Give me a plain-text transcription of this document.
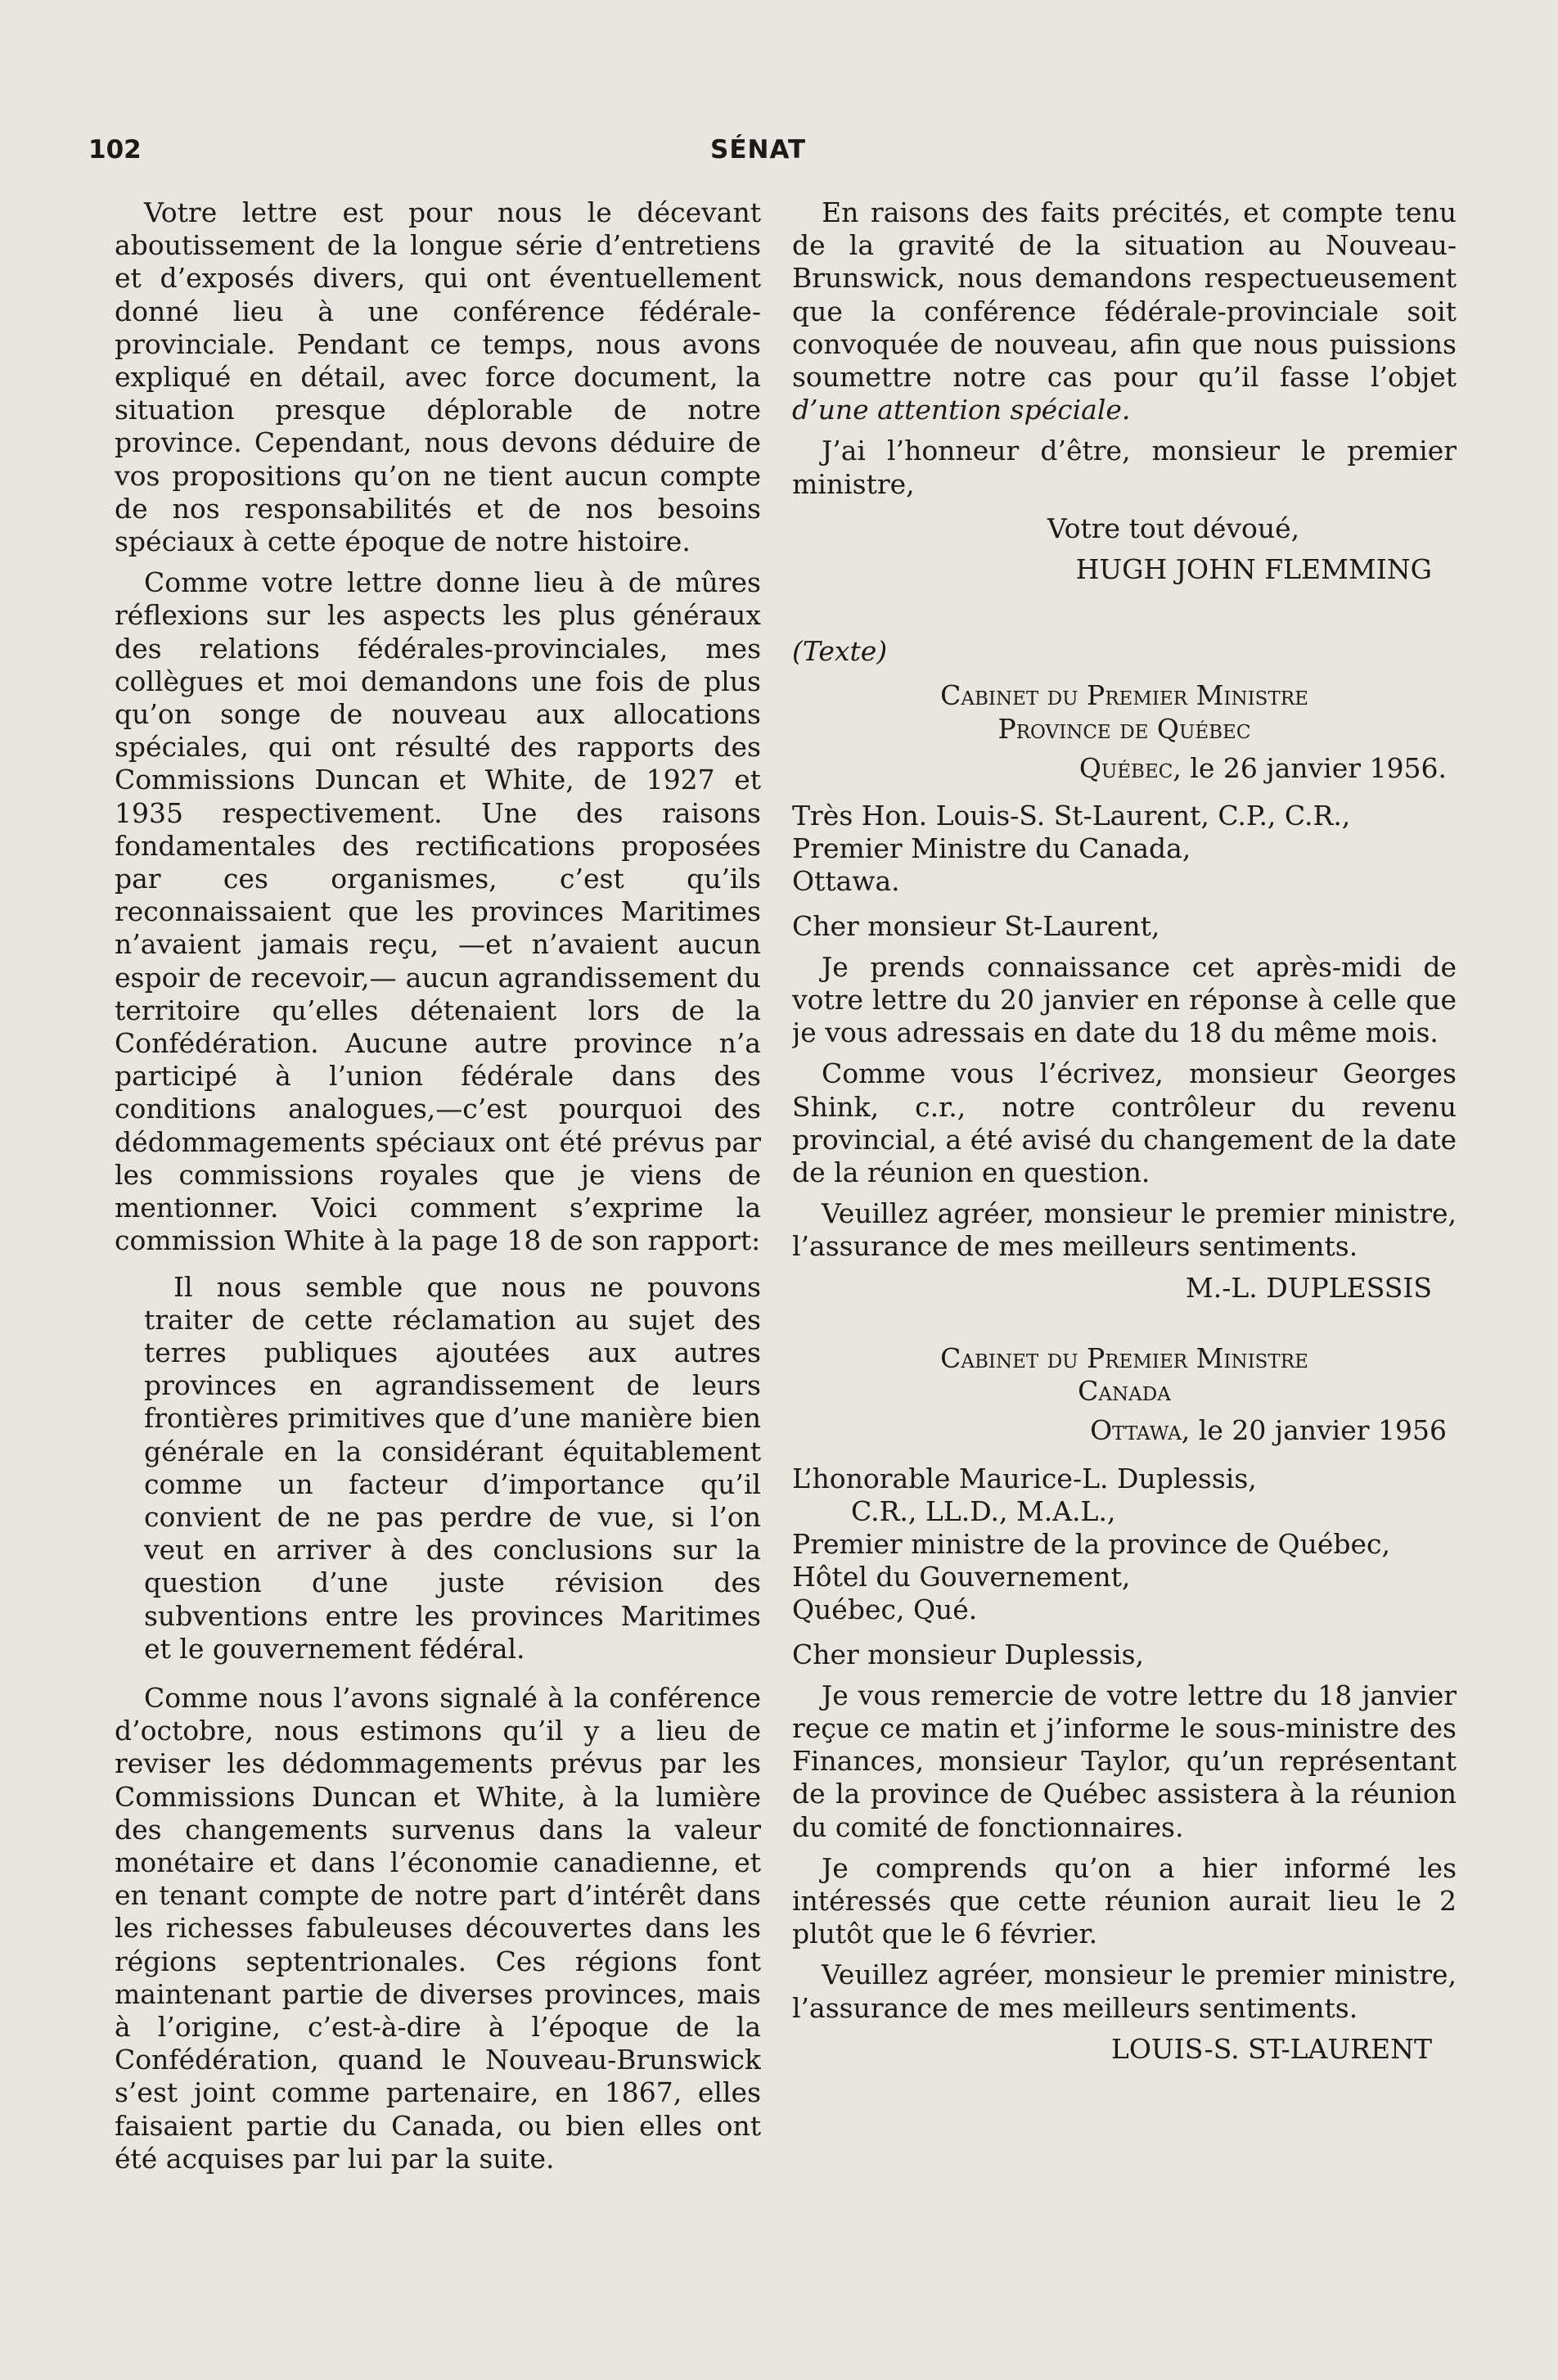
102	SÉNAT

Votre lettre est pour nous le décevant aboutissement de la longue série d’entretiens et d’exposés divers, qui ont éventuellement donné lieu à une conférence fédérale-provinciale. Pendant ce temps, nous avons expliqué en détail, avec force document, la situation presque déplorable de notre province. Cependant, nous devons déduire de vos propositions qu’on ne tient aucun compte de nos responsabilités et de nos besoins spéciaux à cette époque de notre histoire.

Comme votre lettre donne lieu à de mûres réflexions sur les aspects les plus généraux des relations fédérales-provinciales, mes collègues et moi demandons une fois de plus qu’on songe de nouveau aux allocations spéciales, qui ont résulté des rapports des Commissions Duncan et White, de 1927 et 1935 respectivement. Une des raisons fondamentales des rectifications proposées par ces organismes, c’est qu’ils reconnaissaient que les provinces Maritimes n’avaient jamais reçu, —et n’avaient aucun espoir de recevoir,— aucun agrandissement du territoire qu’elles détenaient lors de la Confédération. Aucune autre province n’a participé à l’union fédérale dans des conditions analogues,—c’est pourquoi des dédommagements spéciaux ont été prévus par les commissions royales que je viens de mentionner. Voici comment s’exprime la commission White à la page 18 de son rapport:

Il nous semble que nous ne pouvons traiter de cette réclamation au sujet des terres publiques ajoutées aux autres provinces en agrandissement de leurs frontières primitives que d’une manière bien générale en la considérant équitablement comme un facteur d’importance qu’il convient de ne pas perdre de vue, si l’on veut en arriver à des conclusions sur la question d’une juste révision des subventions entre les provinces Maritimes et le gouvernement fédéral.

Comme nous l’avons signalé à la conférence d’octobre, nous estimons qu’il y a lieu de reviser les dédommagements prévus par les Commissions Duncan et White, à la lumière des changements survenus dans la valeur monétaire et dans l’économie canadienne, et en tenant compte de notre part d’intérêt dans les richesses fabuleuses découvertes dans les régions septentrionales. Ces régions font maintenant partie de diverses provinces, mais à l’origine, c’est-à-dire à l’époque de la Confédération, quand le Nouveau-Brunswick s’est joint comme partenaire, en 1867, elles faisaient partie du Canada, ou bien elles ont été acquises par lui par la suite.

En raisons des faits précités, et compte tenu de la gravité de la situation au Nouveau-Brunswick, nous demandons respectueusement que la conférence fédérale-provinciale soit convoquée de nouveau, afin que nous puissions soumettre notre cas pour qu’il fasse l’objet d’une attention spéciale.

J’ai l’honneur d’être, monsieur le premier ministre,

Votre tout dévoué,

HUGH JOHN FLEMMING

(Texte)

Cabinet du Premier Ministre

Province de Québec

Québec, le 26 janvier 1956.

Très Hon. Louis-S. St-Laurent, C.P., C.R.,

Premier Ministre du Canada,

Ottawa.

Cher monsieur St-Laurent,

Je prends connaissance cet après-midi de votre lettre du 20 janvier en réponse à celle que je vous adressais en date du 18 du même mois.

Comme vous l’écrivez, monsieur Georges Shink, c.r., notre contrôleur du revenu provincial, a été avisé du changement de la date de la réunion en question.

Veuillez agréer, monsieur le premier ministre, l’assurance de mes meilleurs sentiments.

M.-L. DUPLESSIS

Cabinet du Premier Ministre

Canada

Ottawa, le 20 janvier 1956

L’honorable Maurice-L. Duplessis,

C.R., LL.D., M.A.L.,

Premier ministre de la province de Québec,

Hôtel du Gouvernement,

Québec, Qué.

Cher monsieur Duplessis,

Je vous remercie de votre lettre du 18 janvier reçue ce matin et j’informe le sous-ministre des Finances, monsieur Taylor, qu’un représentant de la province de Québec assistera à la réunion du comité de fonctionnaires.

Je comprends qu’on a hier informé les intéressés que cette réunion aurait lieu le 2 plutôt que le 6 février.

Veuillez agréer, monsieur le premier ministre, l’assurance de mes meilleurs sentiments.

LOUIS-S. ST-LAURENT
